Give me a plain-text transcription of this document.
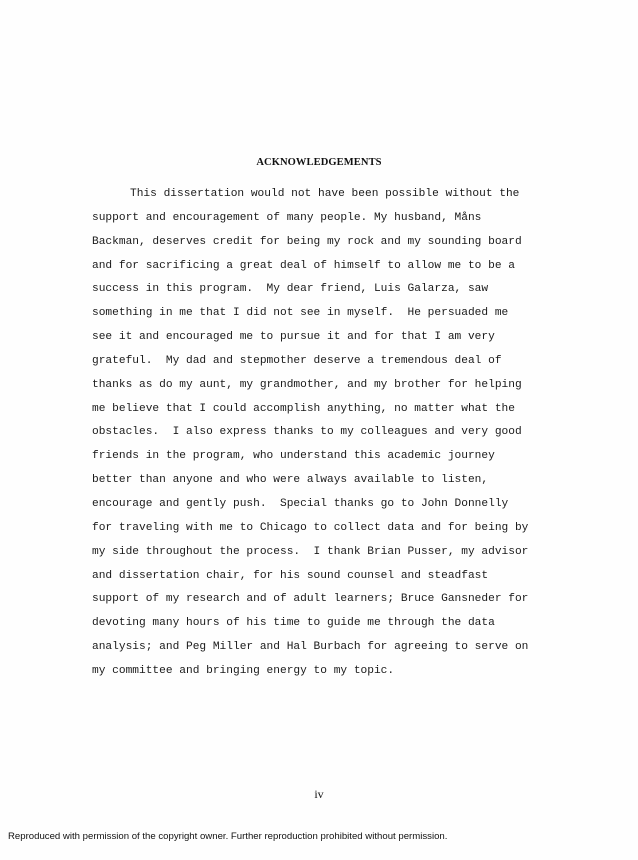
ACKNOWLEDGEMENTS
This dissertation would not have been possible without the
support and encouragement of many people. My husband, Måns
Backman, deserves credit for being my rock and my sounding board
and for sacrificing a great deal of himself to allow me to be a
success in this program.  My dear friend, Luis Galarza, saw
something in me that I did not see in myself.  He persuaded me
see it and encouraged me to pursue it and for that I am very
grateful.  My dad and stepmother deserve a tremendous deal of
thanks as do my aunt, my grandmother, and my brother for helping
me believe that I could accomplish anything, no matter what the
obstacles.  I also express thanks to my colleagues and very good
friends in the program, who understand this academic journey
better than anyone and who were always available to listen,
encourage and gently push.  Special thanks go to John Donnelly
for traveling with me to Chicago to collect data and for being by
my side throughout the process.  I thank Brian Pusser, my advisor
and dissertation chair, for his sound counsel and steadfast
support of my research and of adult learners; Bruce Gansneder for
devoting many hours of his time to guide me through the data
analysis; and Peg Miller and Hal Burbach for agreeing to serve on
my committee and bringing energy to my topic.
iv
Reproduced with permission of the copyright owner. Further reproduction prohibited without permission.
